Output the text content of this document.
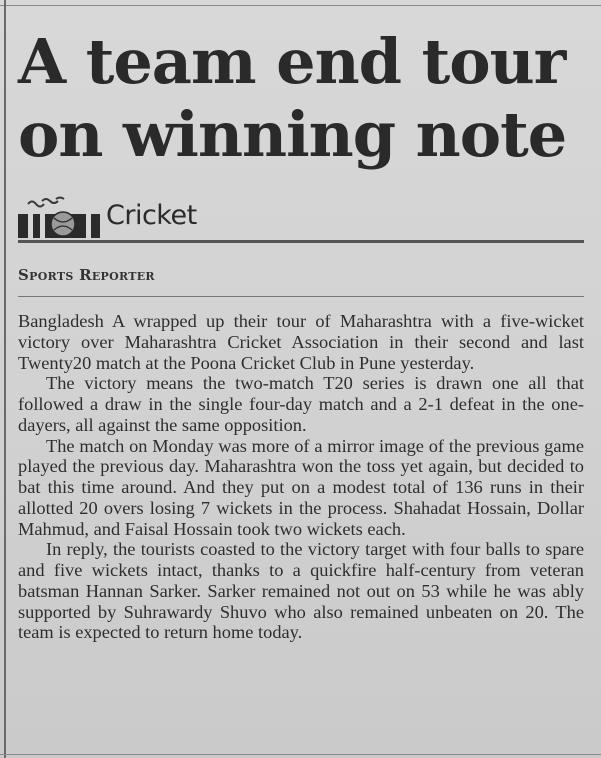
A team end tour
on winning note
Cricket
Sports Reporter

Bangladesh A wrapped up their tour of Maharashtra with a five-wicket victory over Maharashtra Cricket Association in their second and last Twenty20 match at the Poona Cricket Club in Pune yesterday.

The victory means the two-match T20 series is drawn one all that followed a draw in the single four-day match and a 2-1 defeat in the one-dayers, all against the same opposition.

The match on Monday was more of a mirror image of the previous game played the previous day. Maharashtra won the toss yet again, but decided to bat this time around. And they put on a modest total of 136 runs in their allotted 20 overs losing 7 wickets in the process. Shahadat Hossain, Dollar Mahmud, and Faisal Hossain took two wickets each.

In reply, the tourists coasted to the victory target with four balls to spare and five wickets intact, thanks to a quickfire half-century from veteran batsman Hannan Sarker. Sarker remained not out on 53 while he was ably supported by Suhrawardy Shuvo who also remained unbeaten on 20. The team is expected to return home today.
